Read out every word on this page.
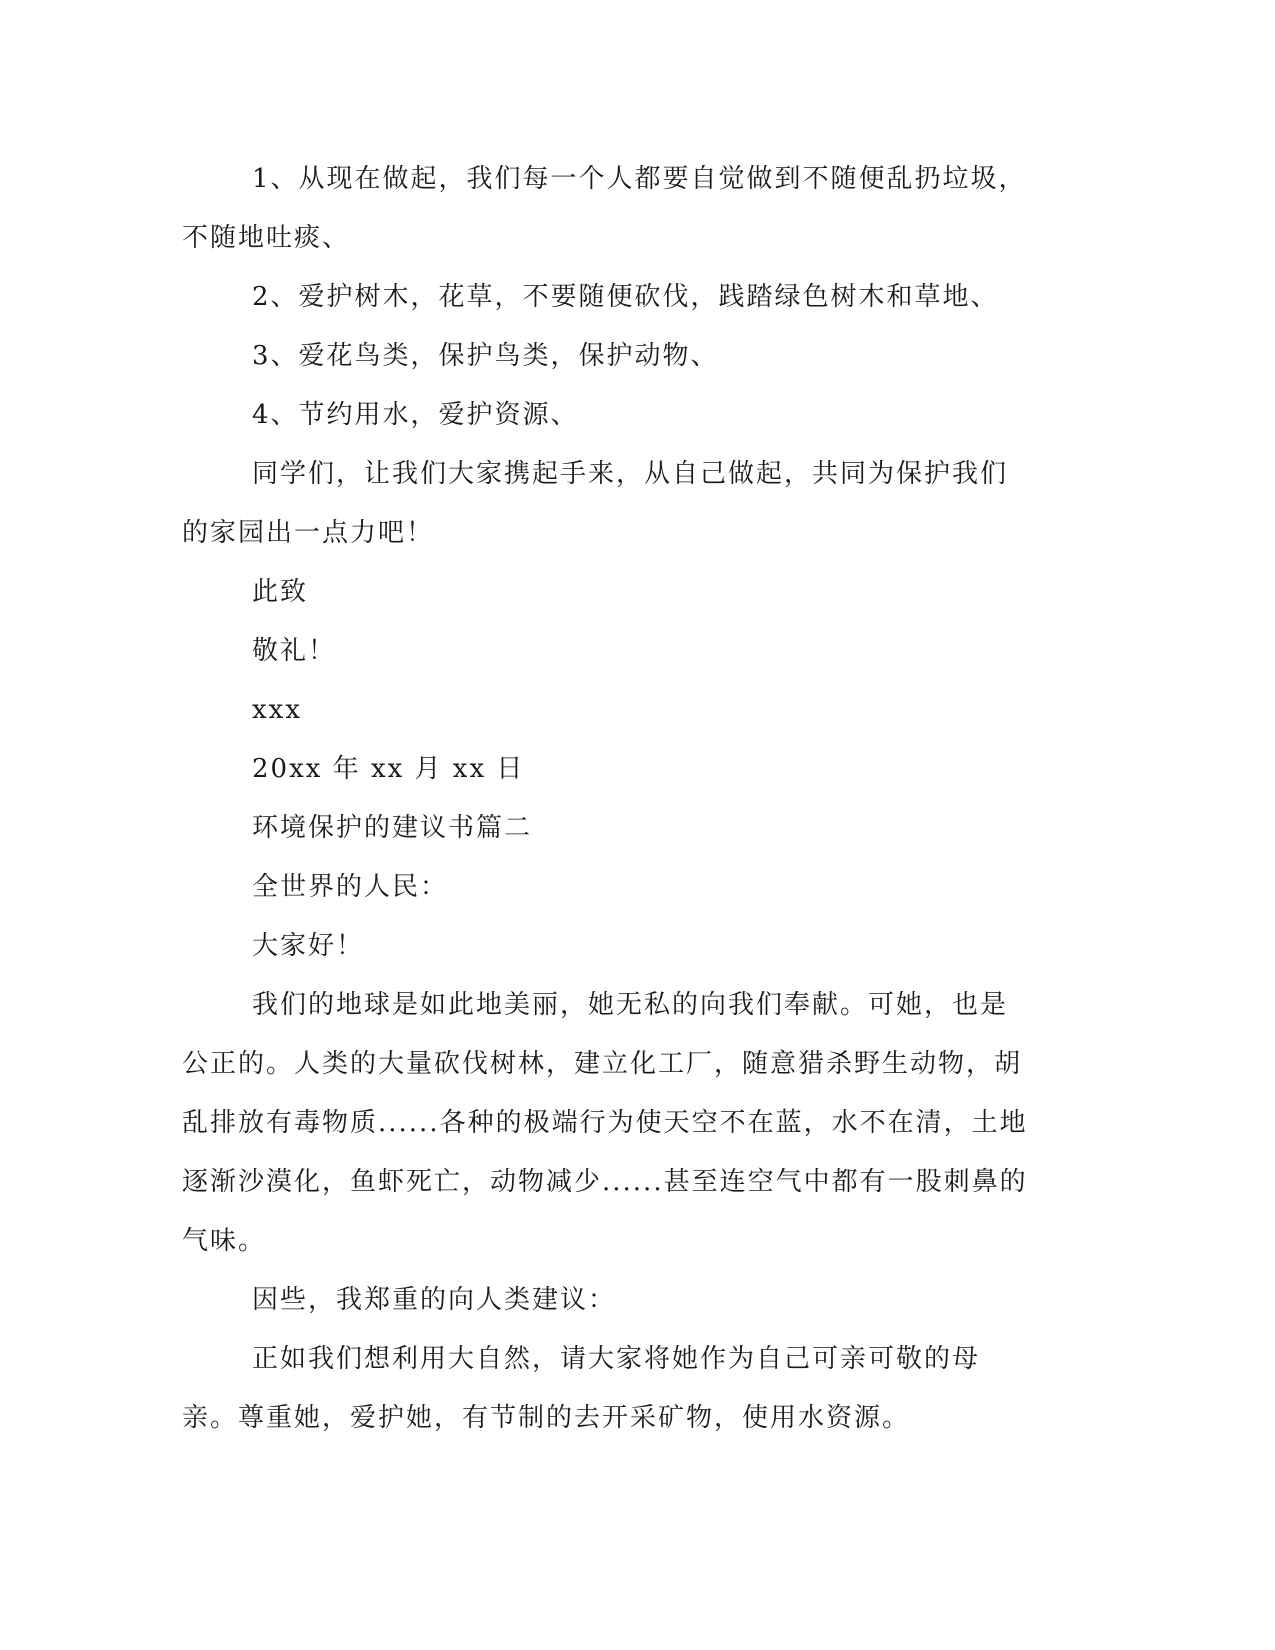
1、从现在做起，我们每一个人都要自觉做到不随便乱扔垃圾，不随地吐痰、

2、爱护树木，花草，不要随便砍伐，践踏绿色树木和草地、

3、爱花鸟类，保护鸟类，保护动物、

4、节约用水，爱护资源、

同学们，让我们大家携起手来，从自己做起，共同为保护我们的家园出一点力吧！

此致

敬礼！

xxx

20xx 年 xx 月 xx 日

环境保护的建议书篇二

全世界的人民：

大家好！

我们的地球是如此地美丽，她无私的向我们奉献。可她，也是公正的。人类的大量砍伐树林，建立化工厂，随意猎杀野生动物，胡乱排放有毒物质......各种的极端行为使天空不在蓝，水不在清，土地逐渐沙漠化，鱼虾死亡，动物减少......甚至连空气中都有一股刺鼻的气味。

因些，我郑重的向人类建议：

正如我们想利用大自然，请大家将她作为自己可亲可敬的母亲。尊重她，爱护她，有节制的去开采矿物，使用水资源。
